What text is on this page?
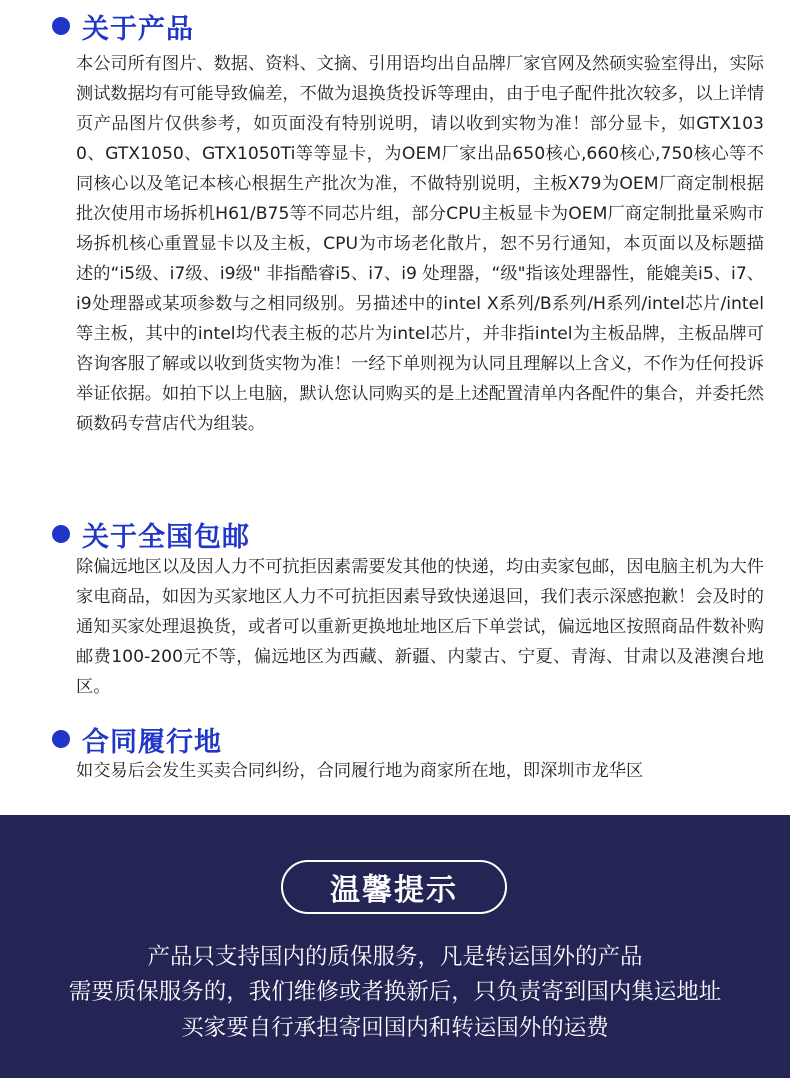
关于产品
本公司所有图片、数据、资料、文摘、引用语均出自品牌厂家官网及然硕实验室得出，实际测试数据均有可能导致偏差，不做为退换货投诉等理由，由于电子配件批次较多，以上详情页产品图片仅供参考，如页面没有特别说明，请以收到实物为准！部分显卡，如GTX1030、GTX1050、GTX1050Ti等等显卡，为OEM厂家出品650核心,660核心,750核心等不同核心以及笔记本核心根据生产批次为准，不做特别说明，主板X79为OEM厂商定制根据批次使用市场拆机H61/B75等不同芯片组，部分CPU主板显卡为OEM厂商定制批量采购市场拆机核心重置显卡以及主板，CPU为市场老化散片，恕不另行通知，本页面以及标题描述的“i5级、i7级、i9级" 非指酷睿i5、i7、i9 处理器，“级"指该处理器性，能媲美i5、i7、i9处理器或某项参数与之相同级别。另描述中的intel X系列/B系列/H系列/intel芯片/intel等主板，其中的intel均代表主板的芯片为intel芯片，并非指intel为主板品牌，主板品牌可咨询客服了解或以收到货实物为准！一经下单则视为认同且理解以上含义，不作为任何投诉举证依据。如拍下以上电脑，默认您认同购买的是上述配置清单内各配件的集合，并委托然硕数码专营店代为组装。
关于全国包邮
除偏远地区以及因人力不可抗拒因素需要发其他的快递，均由卖家包邮，因电脑主机为大件家电商品，如因为买家地区人力不可抗拒因素导致快递退回，我们表示深感抱歉！会及时的通知买家处理退换货，或者可以重新更换地址地区后下单尝试，偏远地区按照商品件数补购邮费100-200元不等，偏远地区为西藏、新疆、内蒙古、宁夏、青海、甘肃以及港澳台地区。
合同履行地
如交易后会发生买卖合同纠纷，合同履行地为商家所在地，即深圳市龙华区
温馨提示
产品只支持国内的质保服务，凡是转运国外的产品
需要质保服务的，我们维修或者换新后，只负责寄到国内集运地址
买家要自行承担寄回国内和转运国外的运费
